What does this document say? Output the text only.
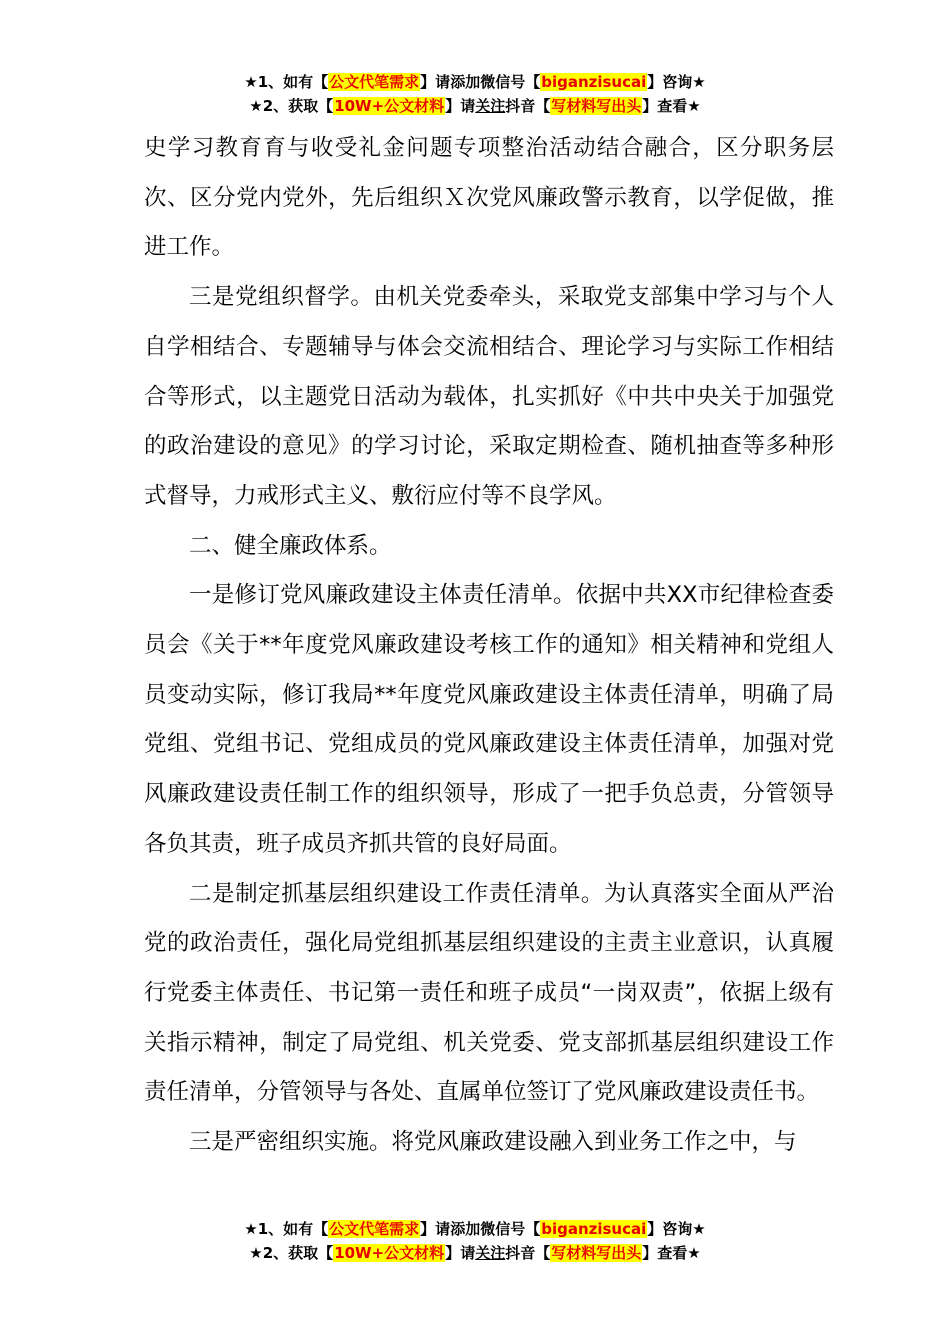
★1、如有【公文代笔需求】请添加微信号【biganzisucai】咨询★
★2、获取【10W+公文材料】请关注抖音【写材料写出头】查看★

史学习教育育与收受礼金问题专项整治活动结合融合，区分职务层次、区分党内党外，先后组织Ｘ次党风廉政警示教育，以学促做，推进工作。

三是党组织督学。由机关党委牵头，采取党支部集中学习与个人自学相结合、专题辅导与体会交流相结合、理论学习与实际工作相结合等形式，以主题党日活动为载体，扎实抓好《中共中央关于加强党的政治建设的意见》的学习讨论，采取定期检查、随机抽查等多种形式督导，力戒形式主义、敷衍应付等不良学风。

二、健全廉政体系。

一是修订党风廉政建设主体责任清单。依据中共XX市纪律检查委员会《关于**年度党风廉政建设考核工作的通知》相关精神和党组人员变动实际，修订我局**年度党风廉政建设主体责任清单，明确了局党组、党组书记、党组成员的党风廉政建设主体责任清单，加强对党风廉政建设责任制工作的组织领导，形成了一把手负总责，分管领导各负其责，班子成员齐抓共管的良好局面。

二是制定抓基层组织建设工作责任清单。为认真落实全面从严治党的政治责任，强化局党组抓基层组织建设的主责主业意识，认真履行党委主体责任、书记第一责任和班子成员“一岗双责”，依据上级有关指示精神，制定了局党组、机关党委、党支部抓基层组织建设工作责任清单，分管领导与各处、直属单位签订了党风廉政建设责任书。

三是严密组织实施。将党风廉政建设融入到业务工作之中，与

★1、如有【公文代笔需求】请添加微信号【biganzisucai】咨询★
★2、获取【10W+公文材料】请关注抖音【写材料写出头】查看★
